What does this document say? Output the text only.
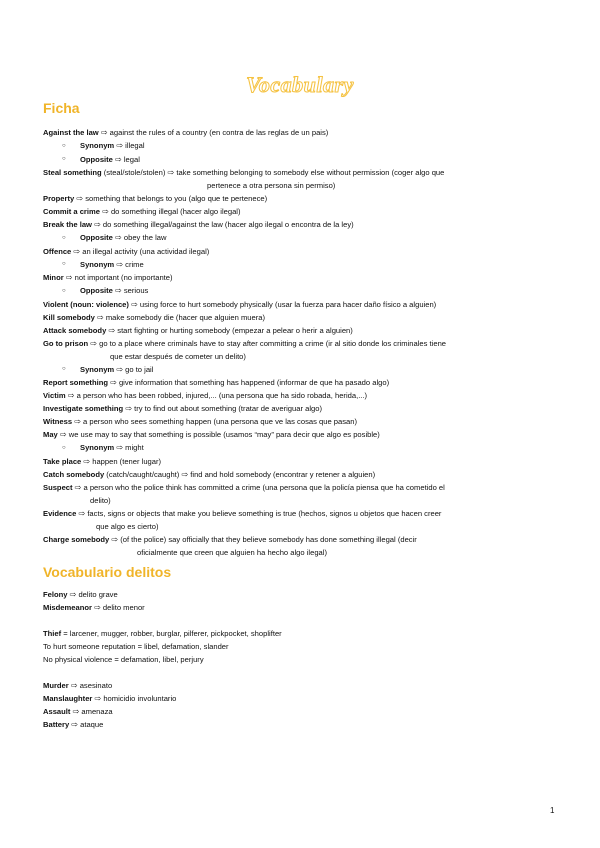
Vocabulary
Ficha
Against the law ⇨ against the rules of a country (en contra de las reglas de un pais)
○ Synonym ⇨ illegal
○ Opposite ⇨ legal
Steal something (steal/stole/stolen) ⇨ take something belonging to somebody else without permission (coger algo que
pertenece a otra persona sin permiso)
Property ⇨ something that belongs to you (algo que te pertenece)
Commit a crime ⇨ do something illegal (hacer algo ilegal)
Break the law ⇨ do something illegal/against the law (hacer algo ilegal o encontra de la ley)
○ Opposite ⇨ obey the law
Offence ⇨ an illegal activity (una actividad ilegal)
○ Synonym ⇨ crime
Minor ⇨ not important (no importante)
○ Opposite ⇨ serious
Violent (noun: violence) ⇨ using force to hurt somebody physically (usar la fuerza para hacer daño físico a alguien)
Kill somebody ⇨ make somebody die (hacer que alguien muera)
Attack somebody ⇨ start fighting or hurting somebody (empezar a pelear o herir a alguien)
Go to prison ⇨ go to a place where criminals have to stay after committing a crime (ir al sitio donde los criminales tiene
que estar después de cometer un delito)
○ Synonym ⇨ go to jail
Report something ⇨ give information that something has happened (informar de que ha pasado algo)
Victim ⇨ a person who has been robbed, injured,... (una persona que ha sido robada, herida,...)
Investigate something ⇨ try to find out about something (tratar de averiguar algo)
Witness ⇨ a person who sees something happen (una persona que ve las cosas que pasan)
May ⇨ we use may to say that something is possible (usamos “may” para decir que algo es posible)
○ Synonym ⇨ might
Take place ⇨ happen (tener lugar)
Catch somebody (catch/caught/caught) ⇨ find and hold somebody (encontrar y retener a alguien)
Suspect ⇨ a person who the police think has committed a crime (una persona que la policía piensa que ha cometido el
delito)
Evidence ⇨ facts, signs or objects that make you believe something is true (hechos, signos u objetos que hacen creer
que algo es cierto)
Charge somebody ⇨ (of the police) say officially that they believe somebody has done something illegal (decir
oficialmente que creen que alguien ha hecho algo ilegal)
Vocabulario delitos
Felony ⇨ delito grave
Misdemeanor ⇨ delito menor
Thief = larcener, mugger, robber, burglar, pilferer, pickpocket, shoplifter
To hurt someone reputation = libel, defamation, slander
No physical violence = defamation, libel, perjury
Murder ⇨ asesinato
Manslaughter ⇨ homicidio involuntario
Assault ⇨ amenaza
Battery ⇨ ataque
1
